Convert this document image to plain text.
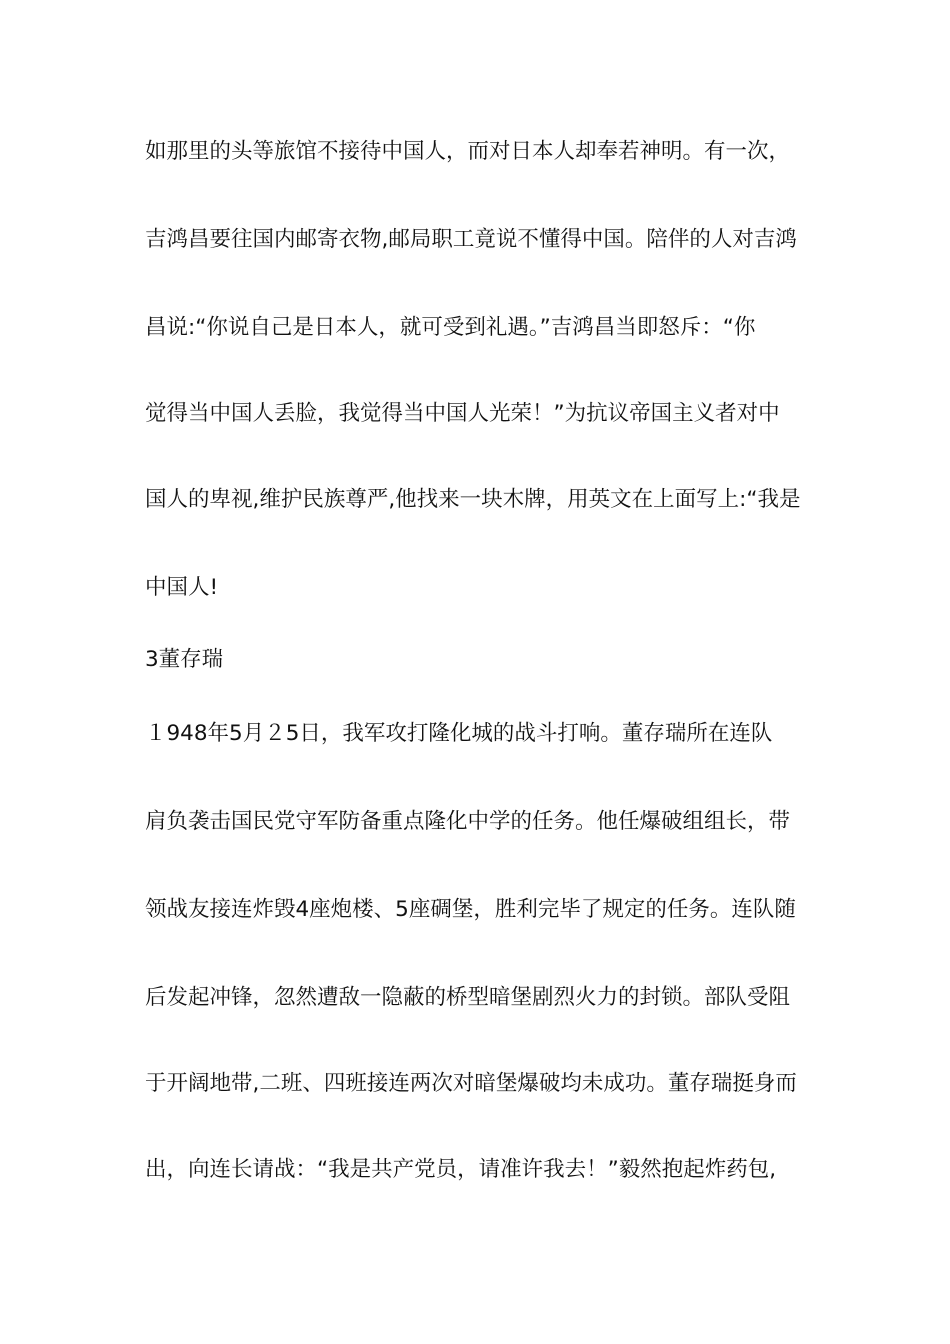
如那里的头等旅馆不接待中国人，而对日本人却奉若神明。有一次，
吉鸿昌要往国内邮寄衣物,邮局职工竟说不懂得中国。陪伴的人对吉鸿
昌说:“你说自己是日本人，就可受到礼遇。”吉鸿昌当即怒斥：“你
觉得当中国人丢脸，我觉得当中国人光荣！”为抗议帝国主义者对中
国人的卑视,维护民族尊严,他找来一块木牌，用英文在上面写上:“我是
中国人!
3董存瑞
１948年5月２5日，我军攻打隆化城的战斗打响。董存瑞所在连队
肩负袭击国民党守军防备重点隆化中学的任务。他任爆破组组长，带
领战友接连炸毁4座炮楼、5座碉堡，胜利完毕了规定的任务。连队随
后发起冲锋，忽然遭敌一隐蔽的桥型暗堡剧烈火力的封锁。部队受阻
于开阔地带,二班、四班接连两次对暗堡爆破均未成功。董存瑞挺身而
出，向连长请战：“我是共产党员，请准许我去！”毅然抱起炸药包,
